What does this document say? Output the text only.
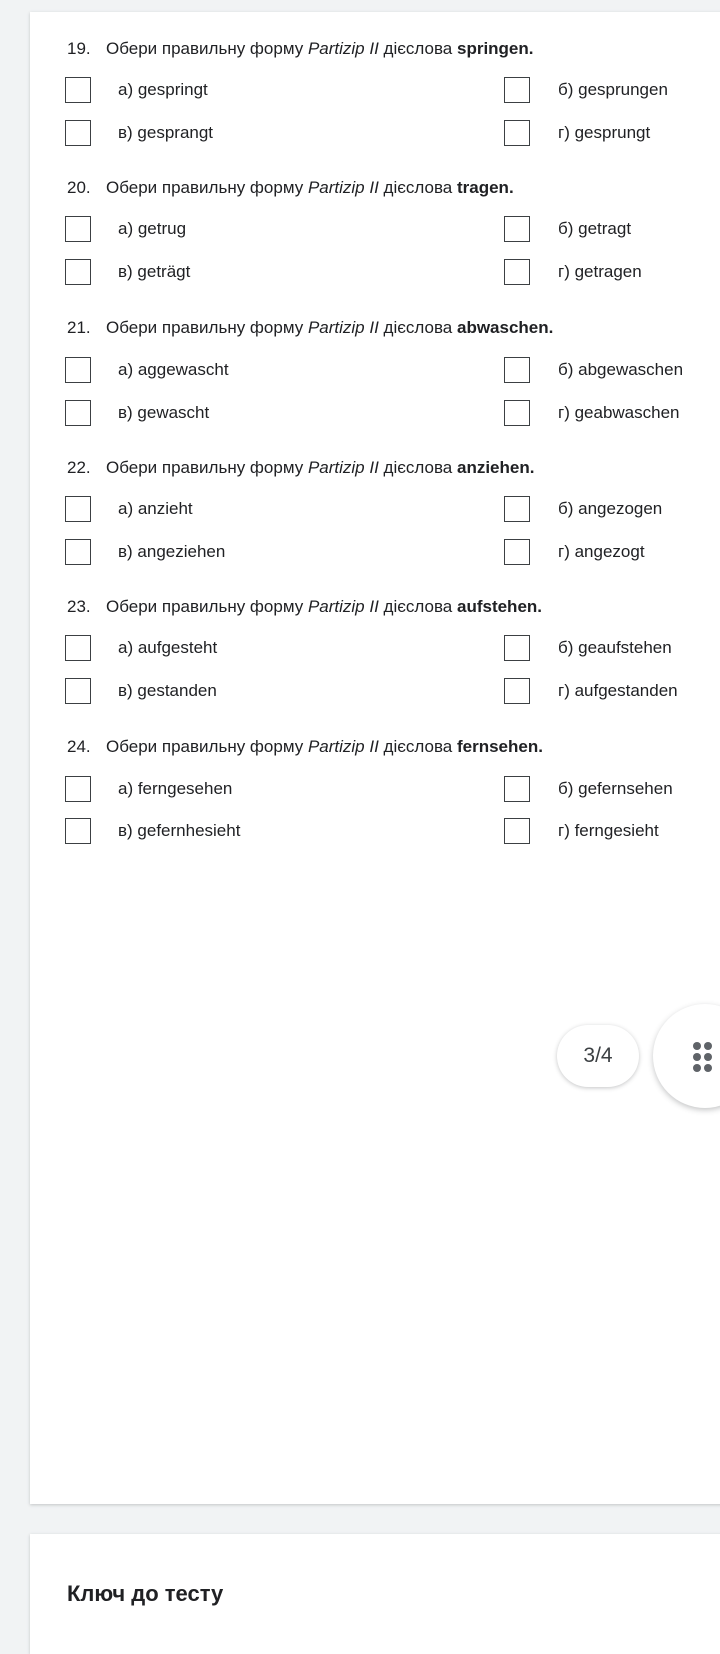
19. Обери правильну форму Partizip II дієслова springen.

а) gespringt	б) gesprungen
в) gesprangt	г) gesprungt

20. Обери правильну форму Partizip II дієслова tragen.

а) getrug	б) getragt
в) geträgt	г) getragen

21. Обери правильну форму Partizip II дієслова abwaschen.

а) aggewascht	б) abgewaschen
в) gewascht	г) geabwaschen

22. Обери правильну форму Partizip II дієслова anziehen.

а) anzieht	б) angezogen
в) angeziehen	г) angezogt

23. Обери правильну форму Partizip II дієслова aufstehen.

а) aufgesteht	б) geaufstehen
в) gestanden	г) aufgestanden

24. Обери правильну форму Partizip II дієслова fernsehen.

а) ferngesehen	б) gefernsehen
в) gefernhesieht	г) ferngesieht
3/4

Ключ до тесту
